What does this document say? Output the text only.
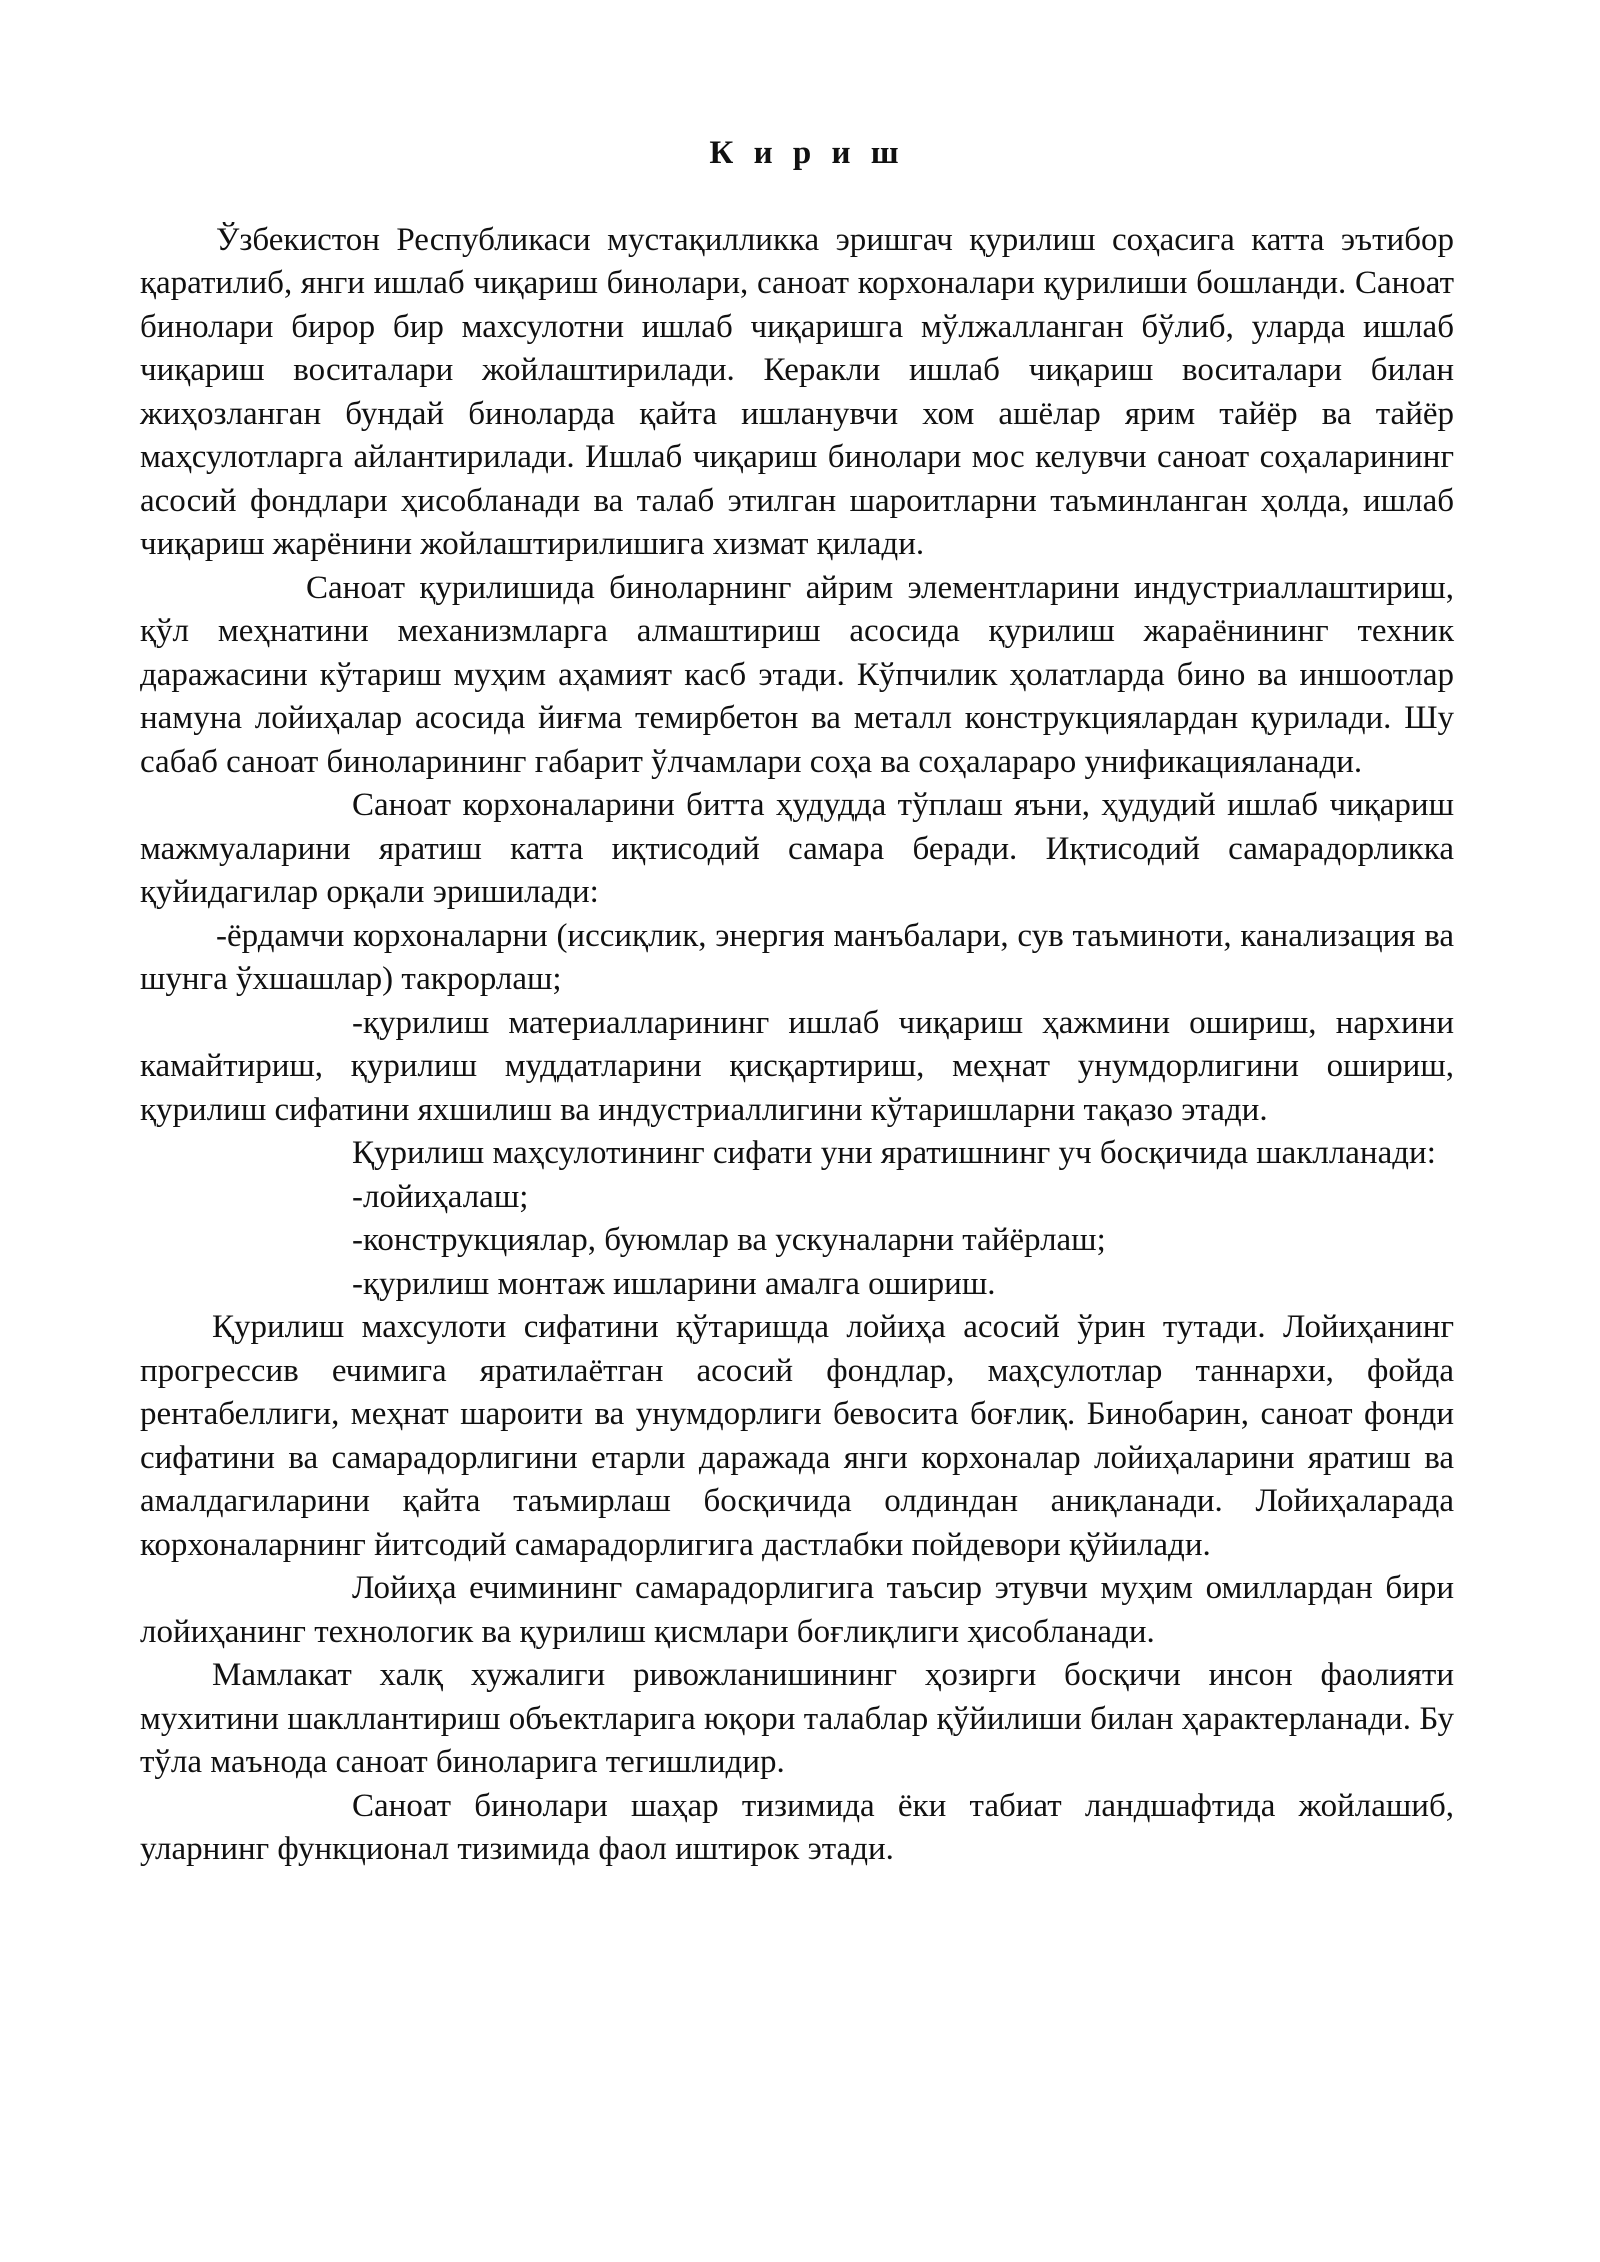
К и р и ш

Ўзбекистон Республикаси мустақилликка эришгач қурилиш соҳасига катта эътибор қаратилиб, янги ишлаб чиқариш бинолари, саноат корхоналари қурилиши бошланди. Саноат бинолари бирор бир махсулотни ишлаб чиқаришга мўлжалланган бўлиб, уларда ишлаб чиқариш воситалари жойлаштирилади. Керакли ишлаб чиқариш воситалари билан жиҳозланган бундай биноларда қайта ишланувчи хом ашёлар ярим тайёр ва тайёр маҳсулотларга айлантирилади. Ишлаб чиқариш бинолари мос келувчи саноат соҳаларининг асосий фондлари ҳисобланади ва талаб этилган шароитларни таъминланган ҳолда, ишлаб чиқариш жарёнини жойлаштирилишига хизмат қилади.

Саноат қурилишида биноларнинг айрим элементларини индустриаллаштириш, қўл меҳнатини механизмларга алмаштириш асосида қурилиш жараёнининг техник даражасини кўтариш муҳим аҳамият касб этади. Кўпчилик ҳолатларда бино ва иншоотлар намуна лойиҳалар асосида йиғма темирбетон ва металл конструкциялардан қурилади. Шу сабаб саноат биноларининг габарит ўлчамлари соҳа ва соҳалараро унификацияланади.

Саноат корхоналарини битта ҳудудда тўплаш яъни, ҳудудий ишлаб чиқариш мажмуаларини яратиш катта иқтисодий самара беради. Иқтисодий самарадорликка қуйидагилар орқали эришилади:

-ёрдамчи корхоналарни (иссиқлик, энергия манъбалари, сув таъминоти, канализация ва шунга ўхшашлар) такрорлаш;

-қурилиш материалларининг ишлаб чиқариш ҳажмини ошириш, нархини камайтириш, қурилиш муддатларини қисқартириш, меҳнат унумдорлигини ошириш, қурилиш сифатини яхшилиш ва индустриаллигини кўтаришларни тақазо этади.

Қурилиш маҳсулотининг сифати уни яратишнинг уч босқичида шаклланади:

-лойиҳалаш;

-конструкциялар, буюмлар ва ускуналарни тайёрлаш;

-қурилиш монтаж ишларини амалга ошириш.

Қурилиш махсулоти сифатини қўтаришда лойиҳа асосий ўрин тутади. Лойиҳанинг прогрессив ечимига яратилаётган асосий фондлар, маҳсулотлар таннархи, фойда рентабеллиги, меҳнат шароити ва унумдорлиги бевосита боғлиқ. Бинобарин, саноат фонди сифатини ва самарадорлигини етарли даражада янги корхоналар лойиҳаларини яратиш ва амалдагиларини қайта таъмирлаш босқичида олдиндан аниқланади. Лойиҳаларада корхоналарнинг йитсодий самарадорлигига дастлабки пойдевори қўйилади.

Лойиҳа ечимининг самарадорлигига таъсир этувчи муҳим омиллардан бири лойиҳанинг технологик ва қурилиш қисмлари боғлиқлиги ҳисобланади.

Мамлакат халқ хужалиги ривожланишининг ҳозирги босқичи инсон фаолияти мухитини шакллантириш объектларига юқори талаблар қўйилиши билан ҳарактерланади. Бу тўла маънода саноат биноларига тегишлидир.

Саноат бинолари шаҳар тизимида ёки табиат ландшафтида жойлашиб, уларнинг функционал тизимида фаол иштирок этади.
